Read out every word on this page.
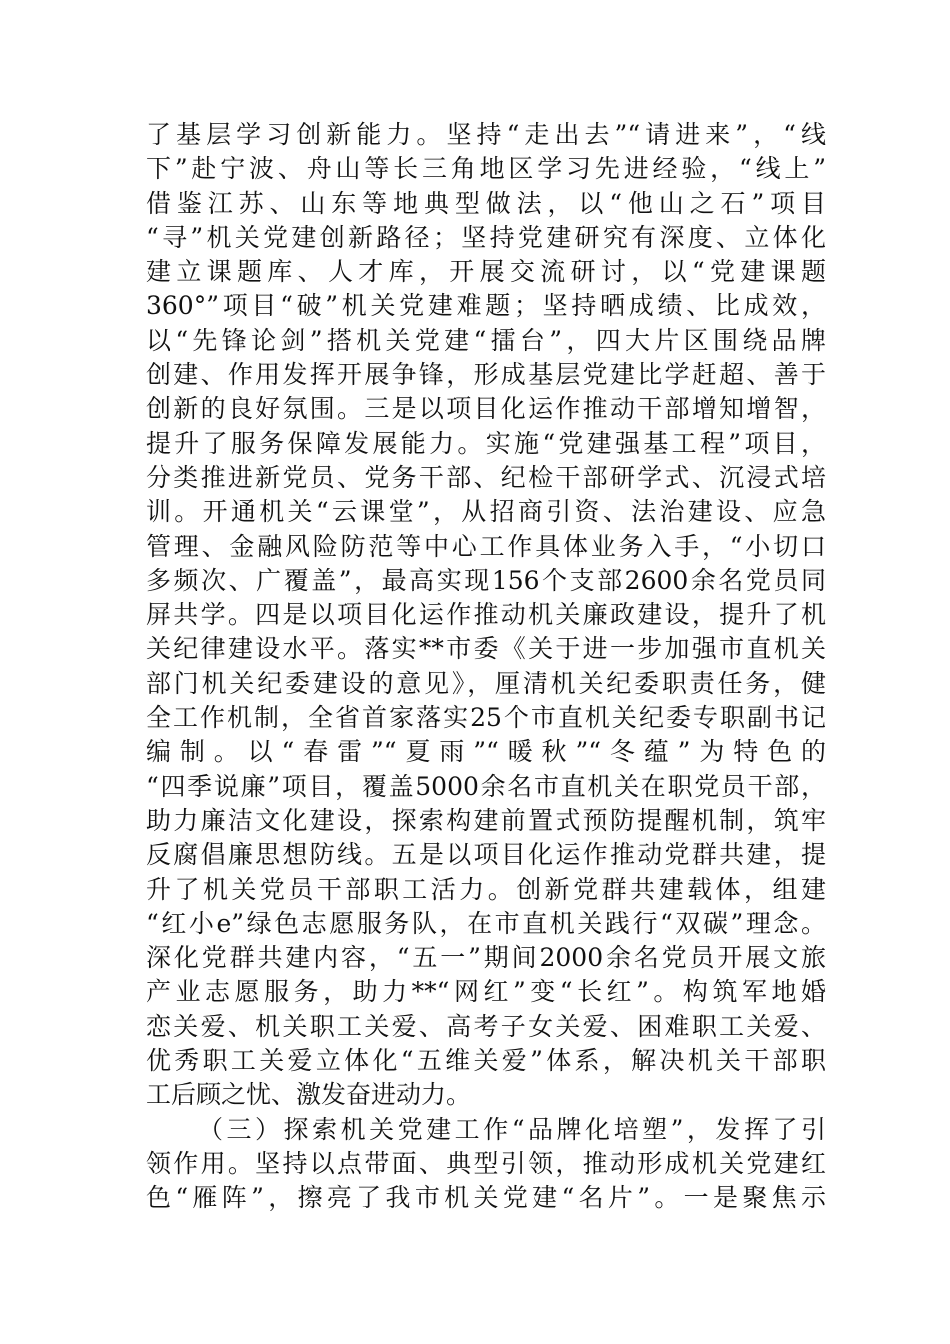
了基层学习创新能力。坚持“走出去”“请进来”，“线
下”赴宁波、舟山等长三角地区学习先进经验，“线上”
借鉴江苏、山东等地典型做法，以“他山之石”项目
“寻”机关党建创新路径；坚持党建研究有深度、立体化
建立课题库、人才库，开展交流研讨，以“党建课题
360°”项目“破”机关党建难题；坚持晒成绩、比成效，
以“先锋论剑”搭机关党建“擂台”，四大片区围绕品牌
创建、作用发挥开展争锋，形成基层党建比学赶超、善于
创新的良好氛围。三是以项目化运作推动干部增知增智，
提升了服务保障发展能力。实施“党建强基工程”项目，
分类推进新党员、党务干部、纪检干部研学式、沉浸式培
训。开通机关“云课堂”，从招商引资、法治建设、应急
管理、金融风险防范等中心工作具体业务入手，“小切口
多频次、广覆盖”，最高实现156个支部2600余名党员同
屏共学。四是以项目化运作推动机关廉政建设，提升了机
关纪律建设水平。落实**市委《关于进一步加强市直机关
部门机关纪委建设的意见》，厘清机关纪委职责任务，健
全工作机制，全省首家落实25个市直机关纪委专职副书记
编制。以“春雷”“夏雨”“暖秋”“冬蕴”为特色的
“四季说廉”项目，覆盖5000余名市直机关在职党员干部，
助力廉洁文化建设，探索构建前置式预防提醒机制，筑牢
反腐倡廉思想防线。五是以项目化运作推动党群共建，提
升了机关党员干部职工活力。创新党群共建载体，组建
“红小e”绿色志愿服务队，在市直机关践行“双碳”理念。
深化党群共建内容，“五一”期间2000余名党员开展文旅
产业志愿服务，助力**“网红”变“长红”。构筑军地婚
恋关爱、机关职工关爱、高考子女关爱、困难职工关爱、
优秀职工关爱立体化“五维关爱”体系，解决机关干部职
工后顾之忧、激发奋进动力。
（三）探索机关党建工作“品牌化培塑”，发挥了引
领作用。坚持以点带面、典型引领，推动形成机关党建红
色“雁阵”，擦亮了我市机关党建“名片”。一是聚焦示
